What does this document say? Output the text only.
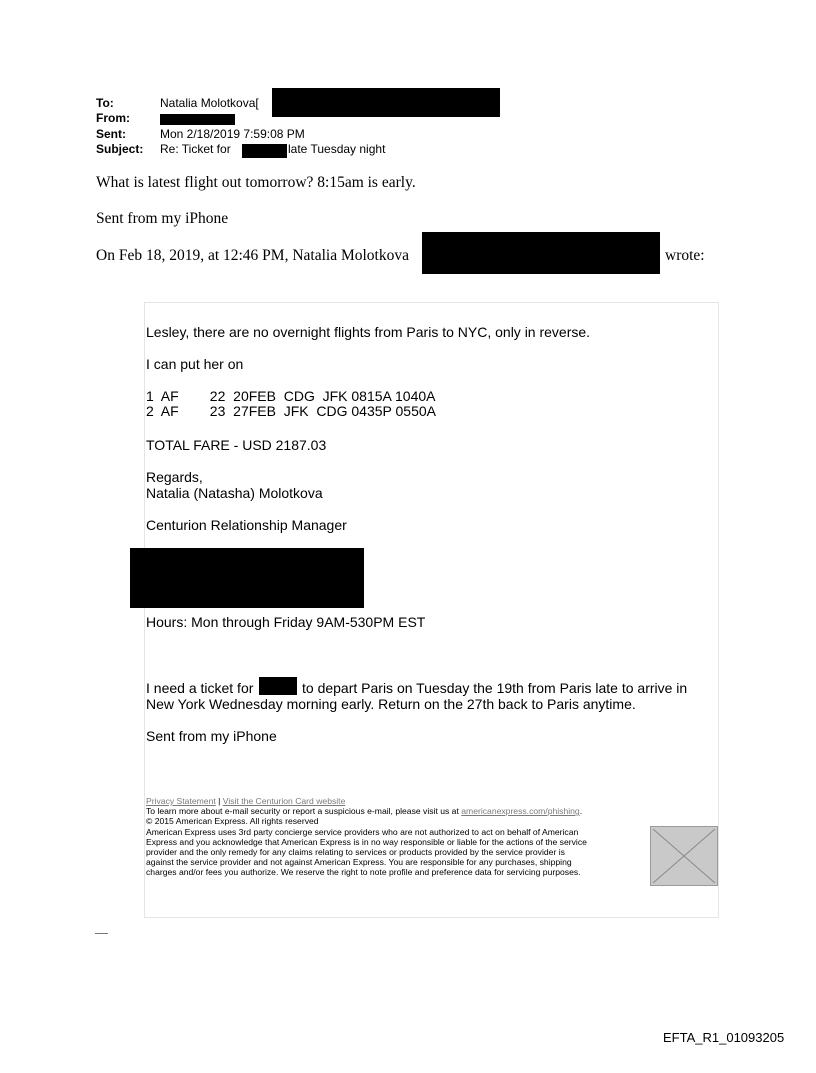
To:	Natalia Molotkova[
From:
Sent:	Mon 2/18/2019 7:59:08 PM
Subject: Re: Ticket for	late Tuesday night
What is latest flight out tomorrow? 8:15am is early.
Sent from my iPhone
On Feb 18, 2019, at 12:46 PM, Natalia Molotkova	wrote:
Lesley, there are no overnight flights from Paris to NYC, only in reverse.
I can put her on
1  AF        22  20FEB  CDG  JFK 0815A 1040A
2  AF        23  27FEB  JFK  CDG 0435P 0550A
TOTAL FARE - USD 2187.03
Regards,
Natalia (Natasha) Molotkova
Centurion Relationship Manager
Hours: Mon through Friday 9AM-530PM EST
I need a ticket for	to depart Paris on Tuesday the 19th from Paris late to arrive in
New York Wednesday morning early. Return on the 27th back to Paris anytime.
Sent from my iPhone
Privacy Statement | Visit the Centurion Card website
To learn more about e-mail security or report a suspicious e-mail, please visit us at americanexpress.com/phishing.
© 2015 American Express. All rights reserved
American Express uses 3rd party concierge service providers who are not authorized to act on behalf of American
Express and you acknowledge that American Express is in no way responsible or liable for the actions of the service
provider and the only remedy for any claims relating to services or products provided by the service provider is
against the service provider and not against American Express. You are responsible for any purchases, shipping
charges and/or fees you authorize. We reserve the right to note profile and preference data for servicing purposes.
EFTA_R1_01093205
